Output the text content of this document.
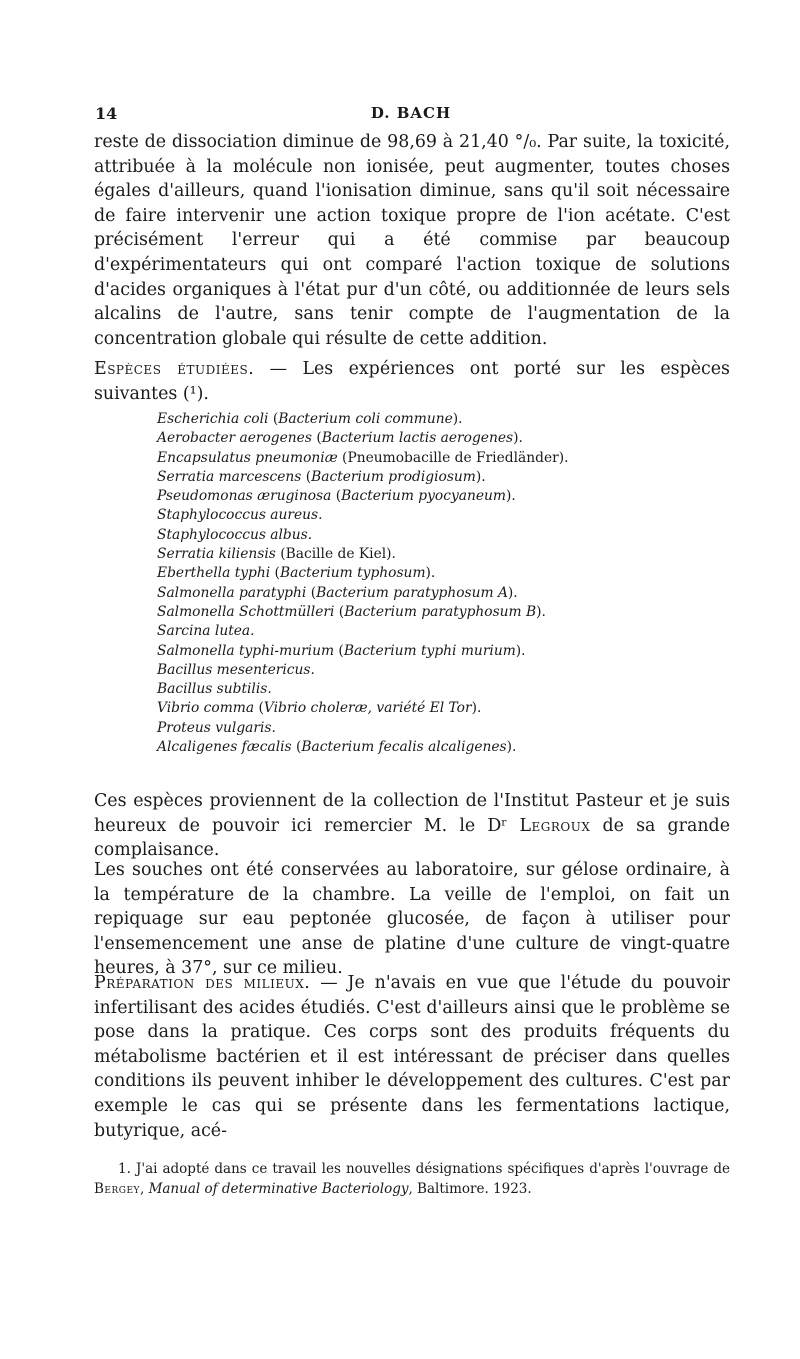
14	D. BACH

reste de dissociation diminue de 98,69 à 21,40 °/₀. Par suite, la toxicité, attribuée à la molécule non ionisée, peut augmenter, toutes choses égales d'ailleurs, quand l'ionisation diminue, sans qu'il soit nécessaire de faire intervenir une action toxique propre de l'ion acétate. C'est précisément l'erreur qui a été commise par beaucoup d'expérimentateurs qui ont comparé l'action toxique de solutions d'acides organiques à l'état pur d'un côté, ou additionnée de leurs sels alcalins de l'autre, sans tenir compte de l'augmentation de la concentration globale qui résulte de cette addition.

Espèces étudiées. — Les expériences ont porté sur les espèces suivantes (¹).

Escherichia coli (Bacterium coli commune).
Aerobacter aerogenes (Bacterium lactis aerogenes).
Encapsulatus pneumoniæ (Pneumobacille de Friedländer).
Serratia marcescens (Bacterium prodigiosum).
Pseudomonas æruginosa (Bacterium pyocyaneum).
Staphylococcus aureus.
Staphylococcus albus.
Serratia kiliensis (Bacille de Kiel).
Eberthella typhi (Bacterium typhosum).
Salmonella paratyphi (Bacterium paratyphosum A).
Salmonella Schottmülleri (Bacterium paratyphosum B).
Sarcina lutea.
Salmonella typhi-murium (Bacterium typhi murium).
Bacillus mesentericus.
Bacillus subtilis.
Vibrio comma (Vibrio choleræ, variété El Tor).
Proteus vulgaris.
Alcaligenes fæcalis (Bacterium fecalis alcaligenes).

Ces espèces proviennent de la collection de l'Institut Pasteur et je suis heureux de pouvoir ici remercier M. le Dʳ Legroux de sa grande complaisance.

Les souches ont été conservées au laboratoire, sur gélose ordinaire, à la température de la chambre. La veille de l'emploi, on fait un repiquage sur eau peptonée glucosée, de façon à utiliser pour l'ensemencement une anse de platine d'une culture de vingt-quatre heures, à 37°, sur ce milieu.

Préparation des milieux. — Je n'avais en vue que l'étude du pouvoir infertilisant des acides étudiés. C'est d'ailleurs ainsi que le problème se pose dans la pratique. Ces corps sont des produits fréquents du métabolisme bactérien et il est intéressant de préciser dans quelles conditions ils peuvent inhiber le développement des cultures. C'est par exemple le cas qui se présente dans les fermentations lactique, butyrique, acé-

1. J'ai adopté dans ce travail les nouvelles désignations spécifiques d'après l'ouvrage de Bergey, Manual of determinative Bacteriology, Baltimore. 1923.
